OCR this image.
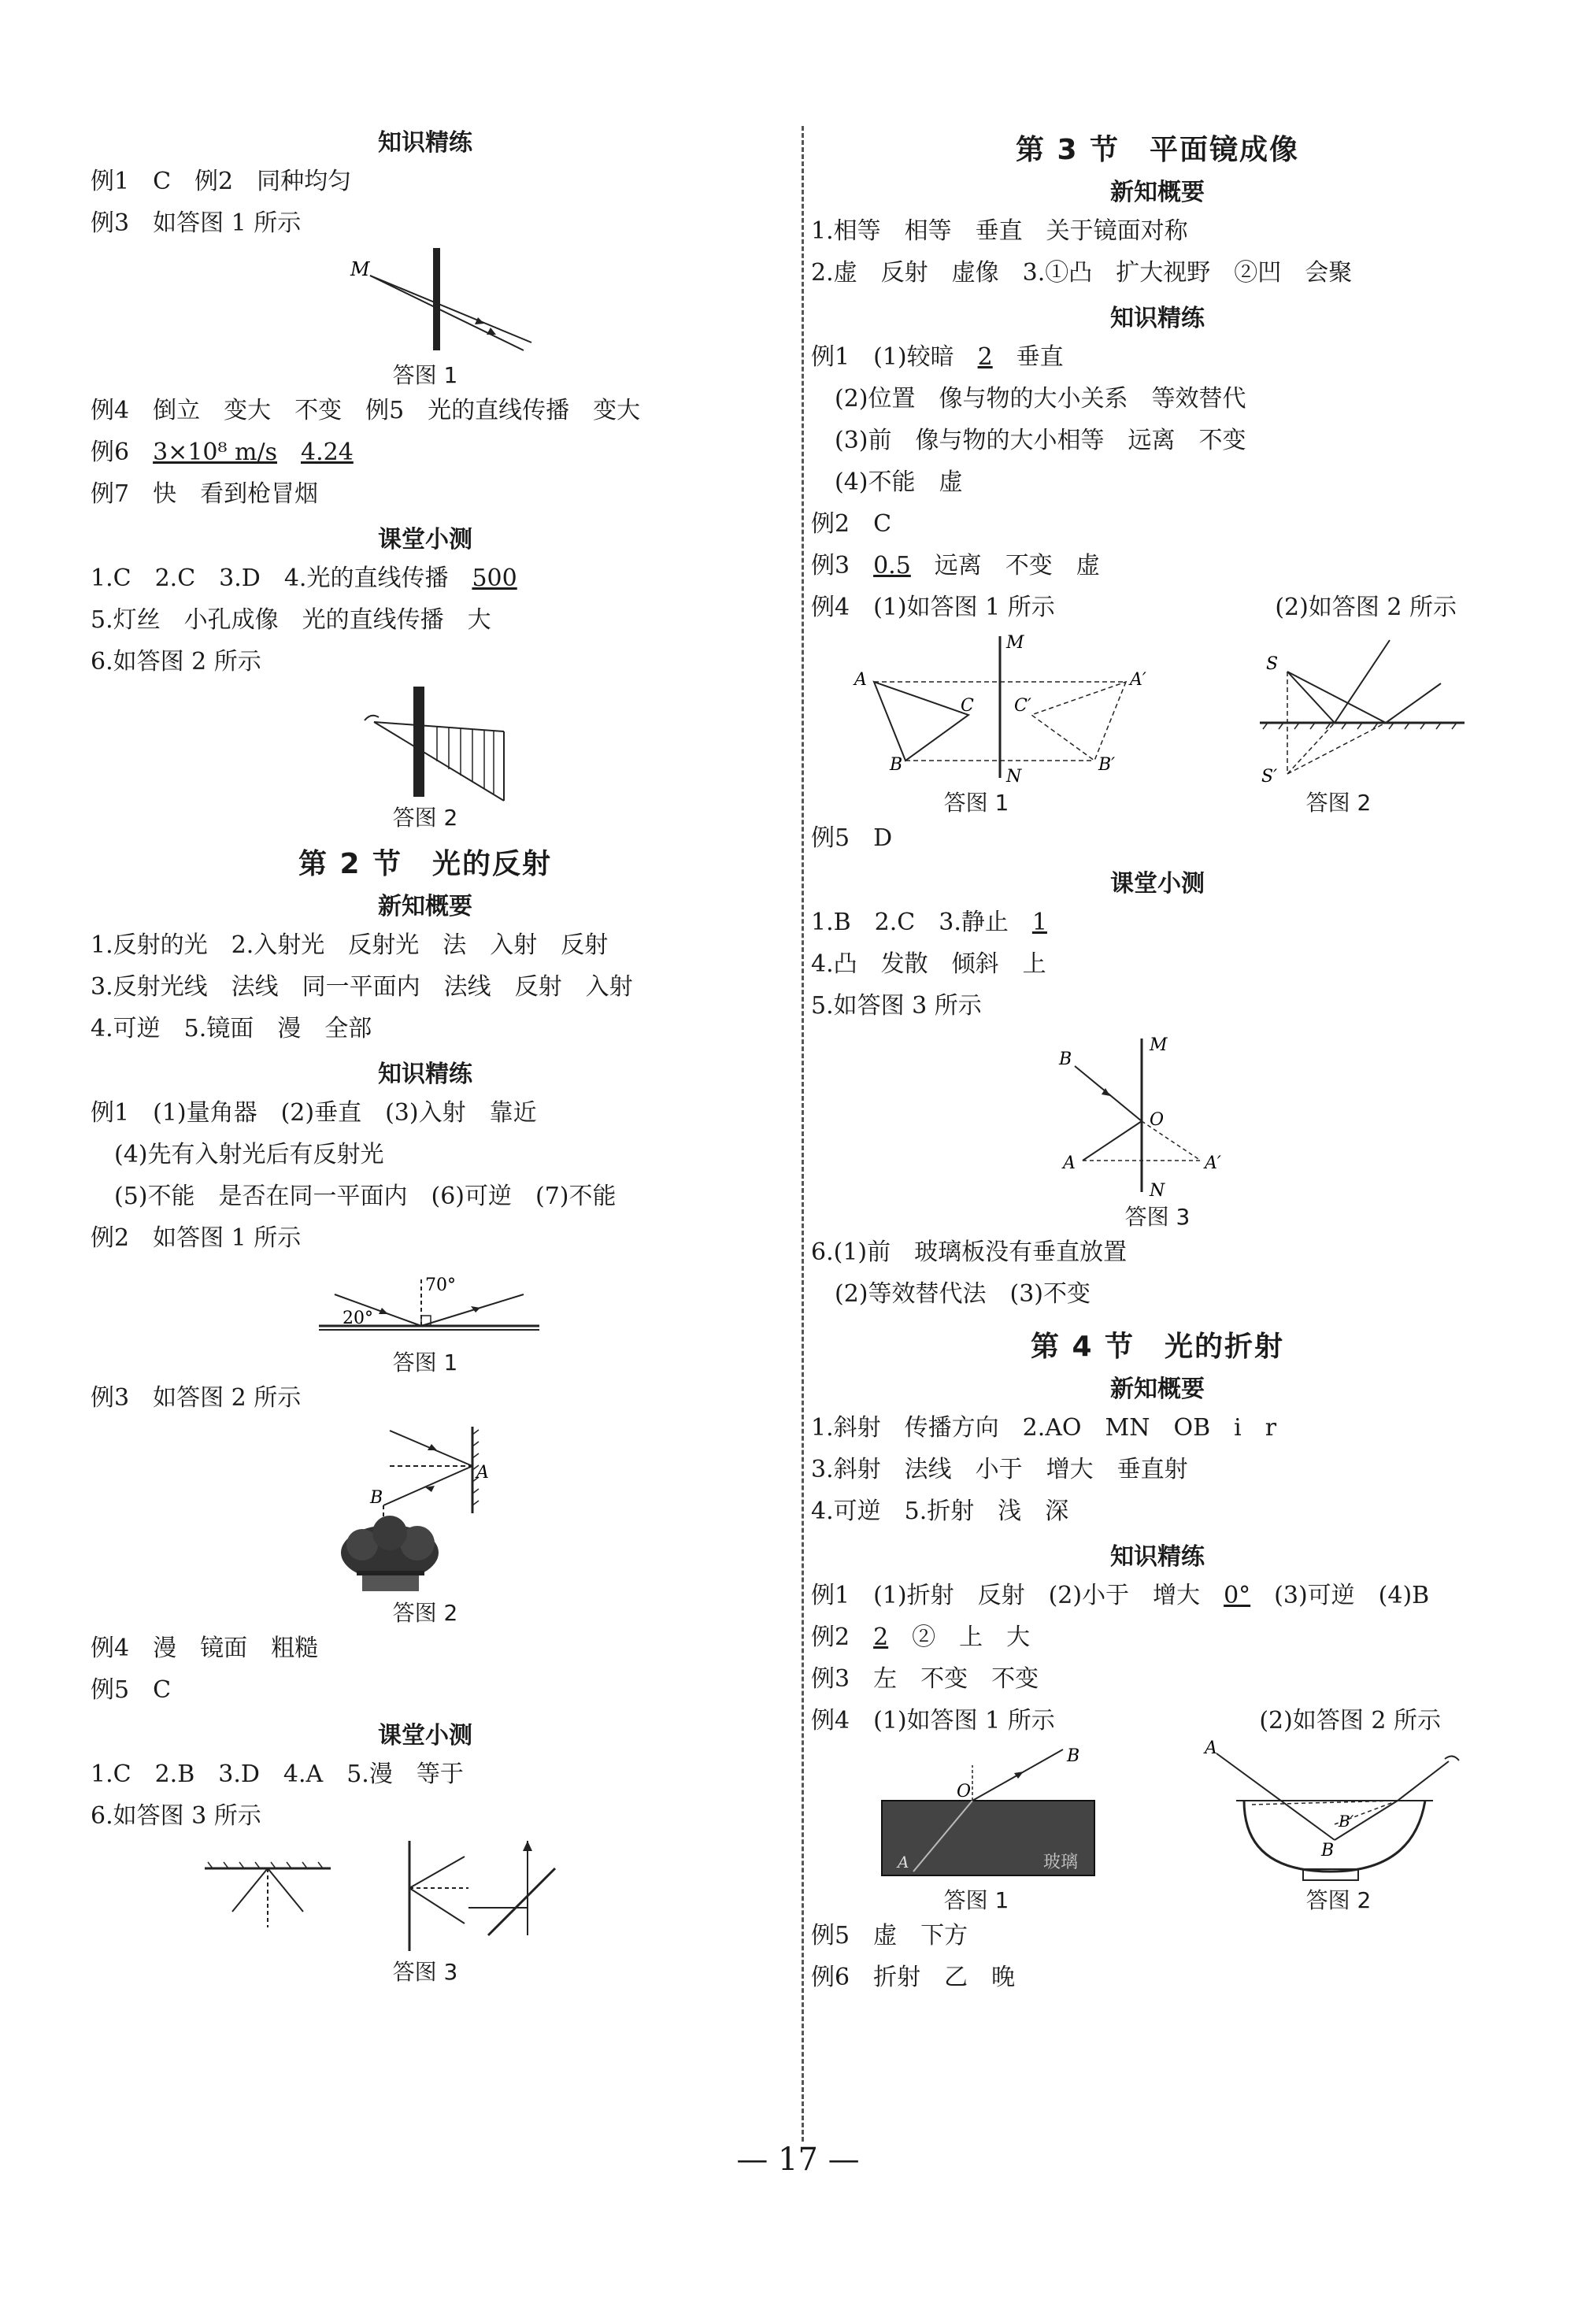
知识精练
例1　C　例2　同种均匀
例3　如答图 1 所示
M
答图 1
例4　倒立　变大　不变　例5　光的直线传播　变大
例6　3×10⁸ m/s　 4.24
例7　快　看到枪冒烟
课堂小测
1.C　2.C　3.D　4.光的直线传播　500
5.灯丝　小孔成像　光的直线传播　大
6.如答图 2 所示
答图 2
第 2 节　光的反射
新知概要
1.反射的光　2.入射光　反射光　法　入射　反射
3.反射光线　法线　同一平面内　法线　反射　入射
4.可逆　5.镜面　漫　全部
知识精练
例1　(1)量角器　(2)垂直　(3)入射　靠近
(4)先有入射光后有反射光
(5)不能　是否在同一平面内　(6)可逆　(7)不能
例2　如答图 1 所示
70°
20°
答图 1
例3　如答图 2 所示
A
B
答图 2
例4　漫　镜面　粗糙
例5　C
课堂小测
1.C　2.B　3.D　4.A　5.漫　等于
6.如答图 3 所示
答图 3
第 3 节　平面镜成像
新知概要
1.相等　相等　垂直　关于镜面对称
2.虚　反射　虚像　3.①凸　扩大视野　②凹　会聚
知识精练
例1　(1)较暗　2　垂直
(2)位置　像与物的大小关系　等效替代
(3)前　像与物的大小相等　远离　不变
(4)不能　虚
例2　C
例3　0.5　远离　不变　虚
例4　(1)如答图 1 所示	(2)如答图 2 所示
M
N
A	A′
B	B′
C C′
答图 1
S
S′
答图 2
例5　D
课堂小测
1.B　2.C　3.静止　1
4.凸　发散　倾斜　上
5.如答图 3 所示
M
N
B
O
A	A′
答图 3
6.(1)前　玻璃板没有垂直放置
(2)等效替代法　(3)不变
第 4 节　光的折射
新知概要
1.斜射　传播方向　2.AO　MN　OB　i　r
3.斜射　法线　小于　增大　垂直射
4.可逆　5.折射　浅　深
知识精练
例1　(1)折射　反射　(2)小于　增大　0°　(3)可逆　(4)B
例2　2　②　上　大
例3　左　不变　不变
例4　(1)如答图 1 所示	(2)如答图 2 所示
O
B
A	玻璃
答图 1
A
B
B′
答图 2
例5　虚　下方
例6　折射　乙　晚
— 17 —
